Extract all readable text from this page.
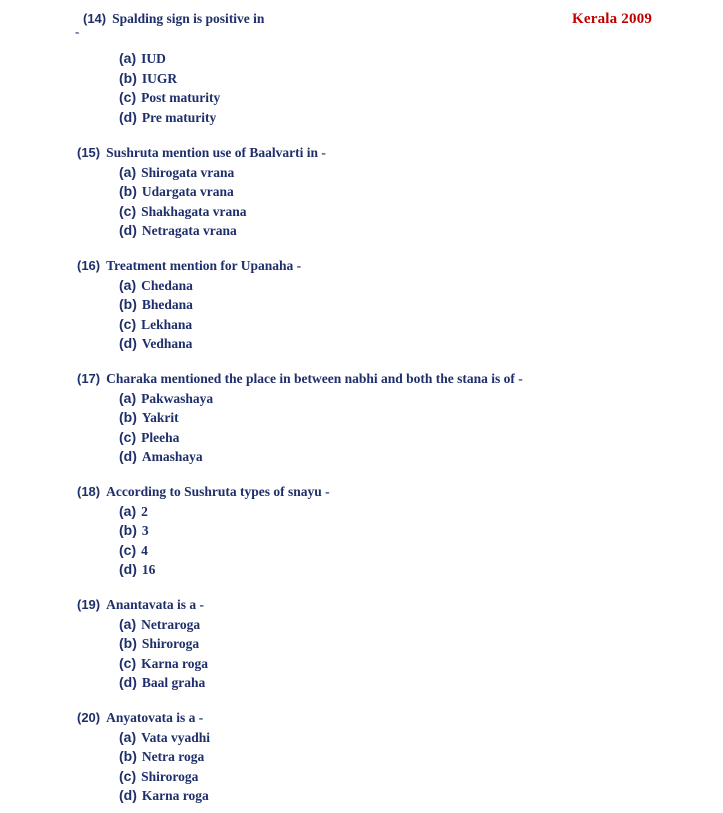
Kerala 2009
-
(14) Spalding sign is positive in
(a) IUD
(b) IUGR
(c) Post maturity
(d) Pre maturity
(15) Sushruta mention use of Baalvarti in -
(a) Shirogata vrana
(b) Udargata vrana
(c) Shakhagata vrana
(d) Netragata vrana
(16) Treatment mention for Upanaha -
(a) Chedana
(b) Bhedana
(c) Lekhana
(d) Vedhana
(17) Charaka mentioned the place in between nabhi and both the stana is of -
(a) Pakwashaya
(b) Yakrit
(c) Pleeha
(d) Amashaya
(18) According to Sushruta types of snayu -
(a) 2
(b) 3
(c) 4
(d) 16
(19) Anantavata is a -
(a) Netraroga
(b) Shiroroga
(c) Karna roga
(d) Baal graha
(20) Anyatovata is a -
(a) Vata vyadhi
(b) Netra roga
(c) Shiroroga
(d) Karna roga
